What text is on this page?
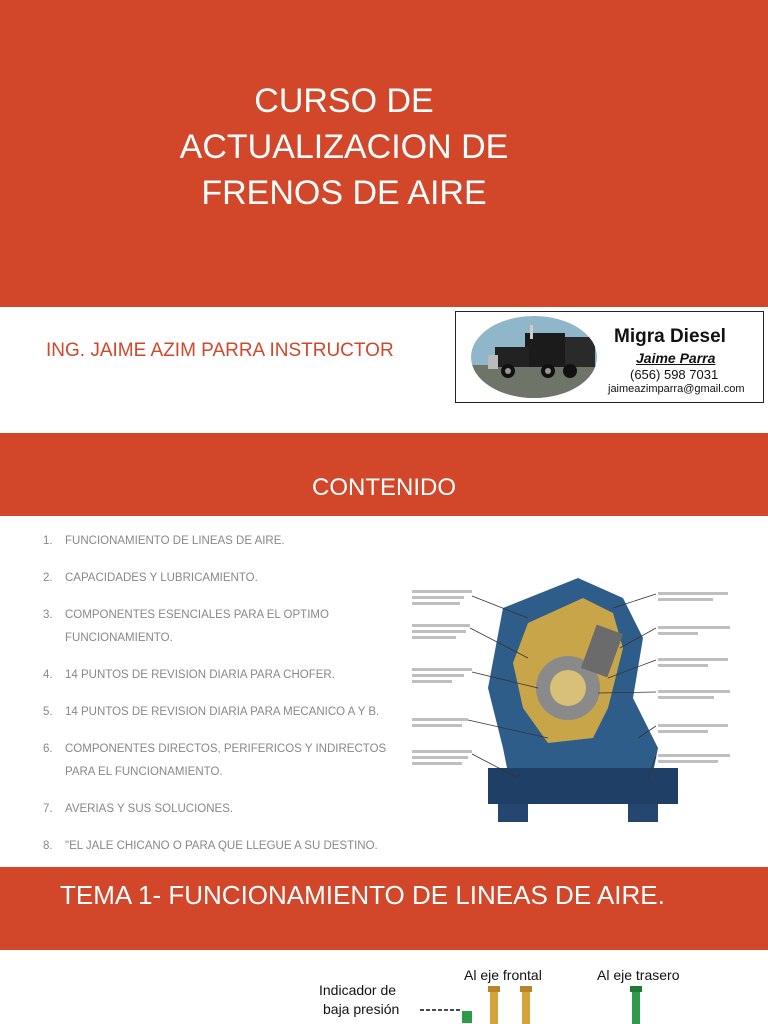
CURSO DE
ACTUALIZACION DE
FRENOS DE AIRE
ING. JAIME AZIM PARRA INSTRUCTOR
Migra Diesel
Jaime Parra
(656) 598 7031
jaimeazimparra@gmail.com
CONTENIDO
1. FUNCIONAMIENTO DE LINEAS DE AIRE.
2. CAPACIDADES Y LUBRICAMIENTO.
3. COMPONENTES ESENCIALES PARA EL OPTIMO FUNCIONAMIENTO.
4. 14 PUNTOS DE REVISION DIARIA PARA CHOFER.
5. 14 PUNTOS DE REVISION DIARIA PARA MECANICO A Y B.
6. COMPONENTES DIRECTOS, PERIFERICOS Y INDIRECTOS PARA EL FUNCIONAMIENTO.
7. AVERIAS Y SUS SOLUCIONES.
8. "EL JALE CHICANO O PARA QUE LLEGUE A SU DESTINO.
TEMA 1- FUNCIONAMIENTO DE LINEAS DE AIRE.
Indicador de
baja presión
Al eje frontal	Al eje trasero
